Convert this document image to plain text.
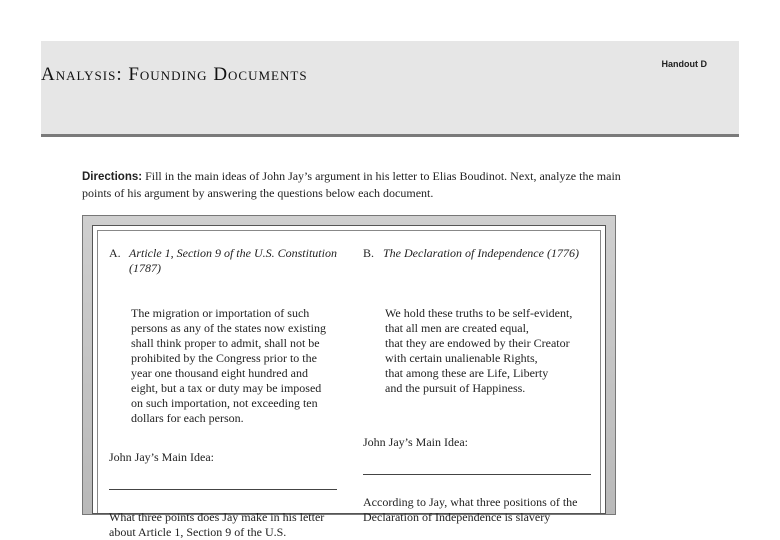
Handout D
Analysis: Founding Documents
Directions: Fill in the main ideas of John Jay’s argument in his letter to Elias Boudinot. Next, analyze the main points of his argument by answering the questions below each document.
A. Article 1, Section 9 of the U.S. Constitution (1787)
The migration or importation of such
persons as any of the states now existing
shall think proper to admit, shall not be
prohibited by the Congress prior to the
year one thousand eight hundred and
eight, but a tax or duty may be imposed
on such importation, not exceeding ten
dollars for each person.
John Jay’s Main Idea:
What three points does Jay make in his letter about Article 1, Section 9 of the U.S.
B. The Declaration of Independence (1776)
We hold these truths to be self-evident,
that all men are created equal,
that they are endowed by their Creator
with certain unalienable Rights,
that among these are Life, Liberty
and the pursuit of Happiness.
John Jay’s Main Idea:
According to Jay, what three positions of the Declaration of Independence is slavery
